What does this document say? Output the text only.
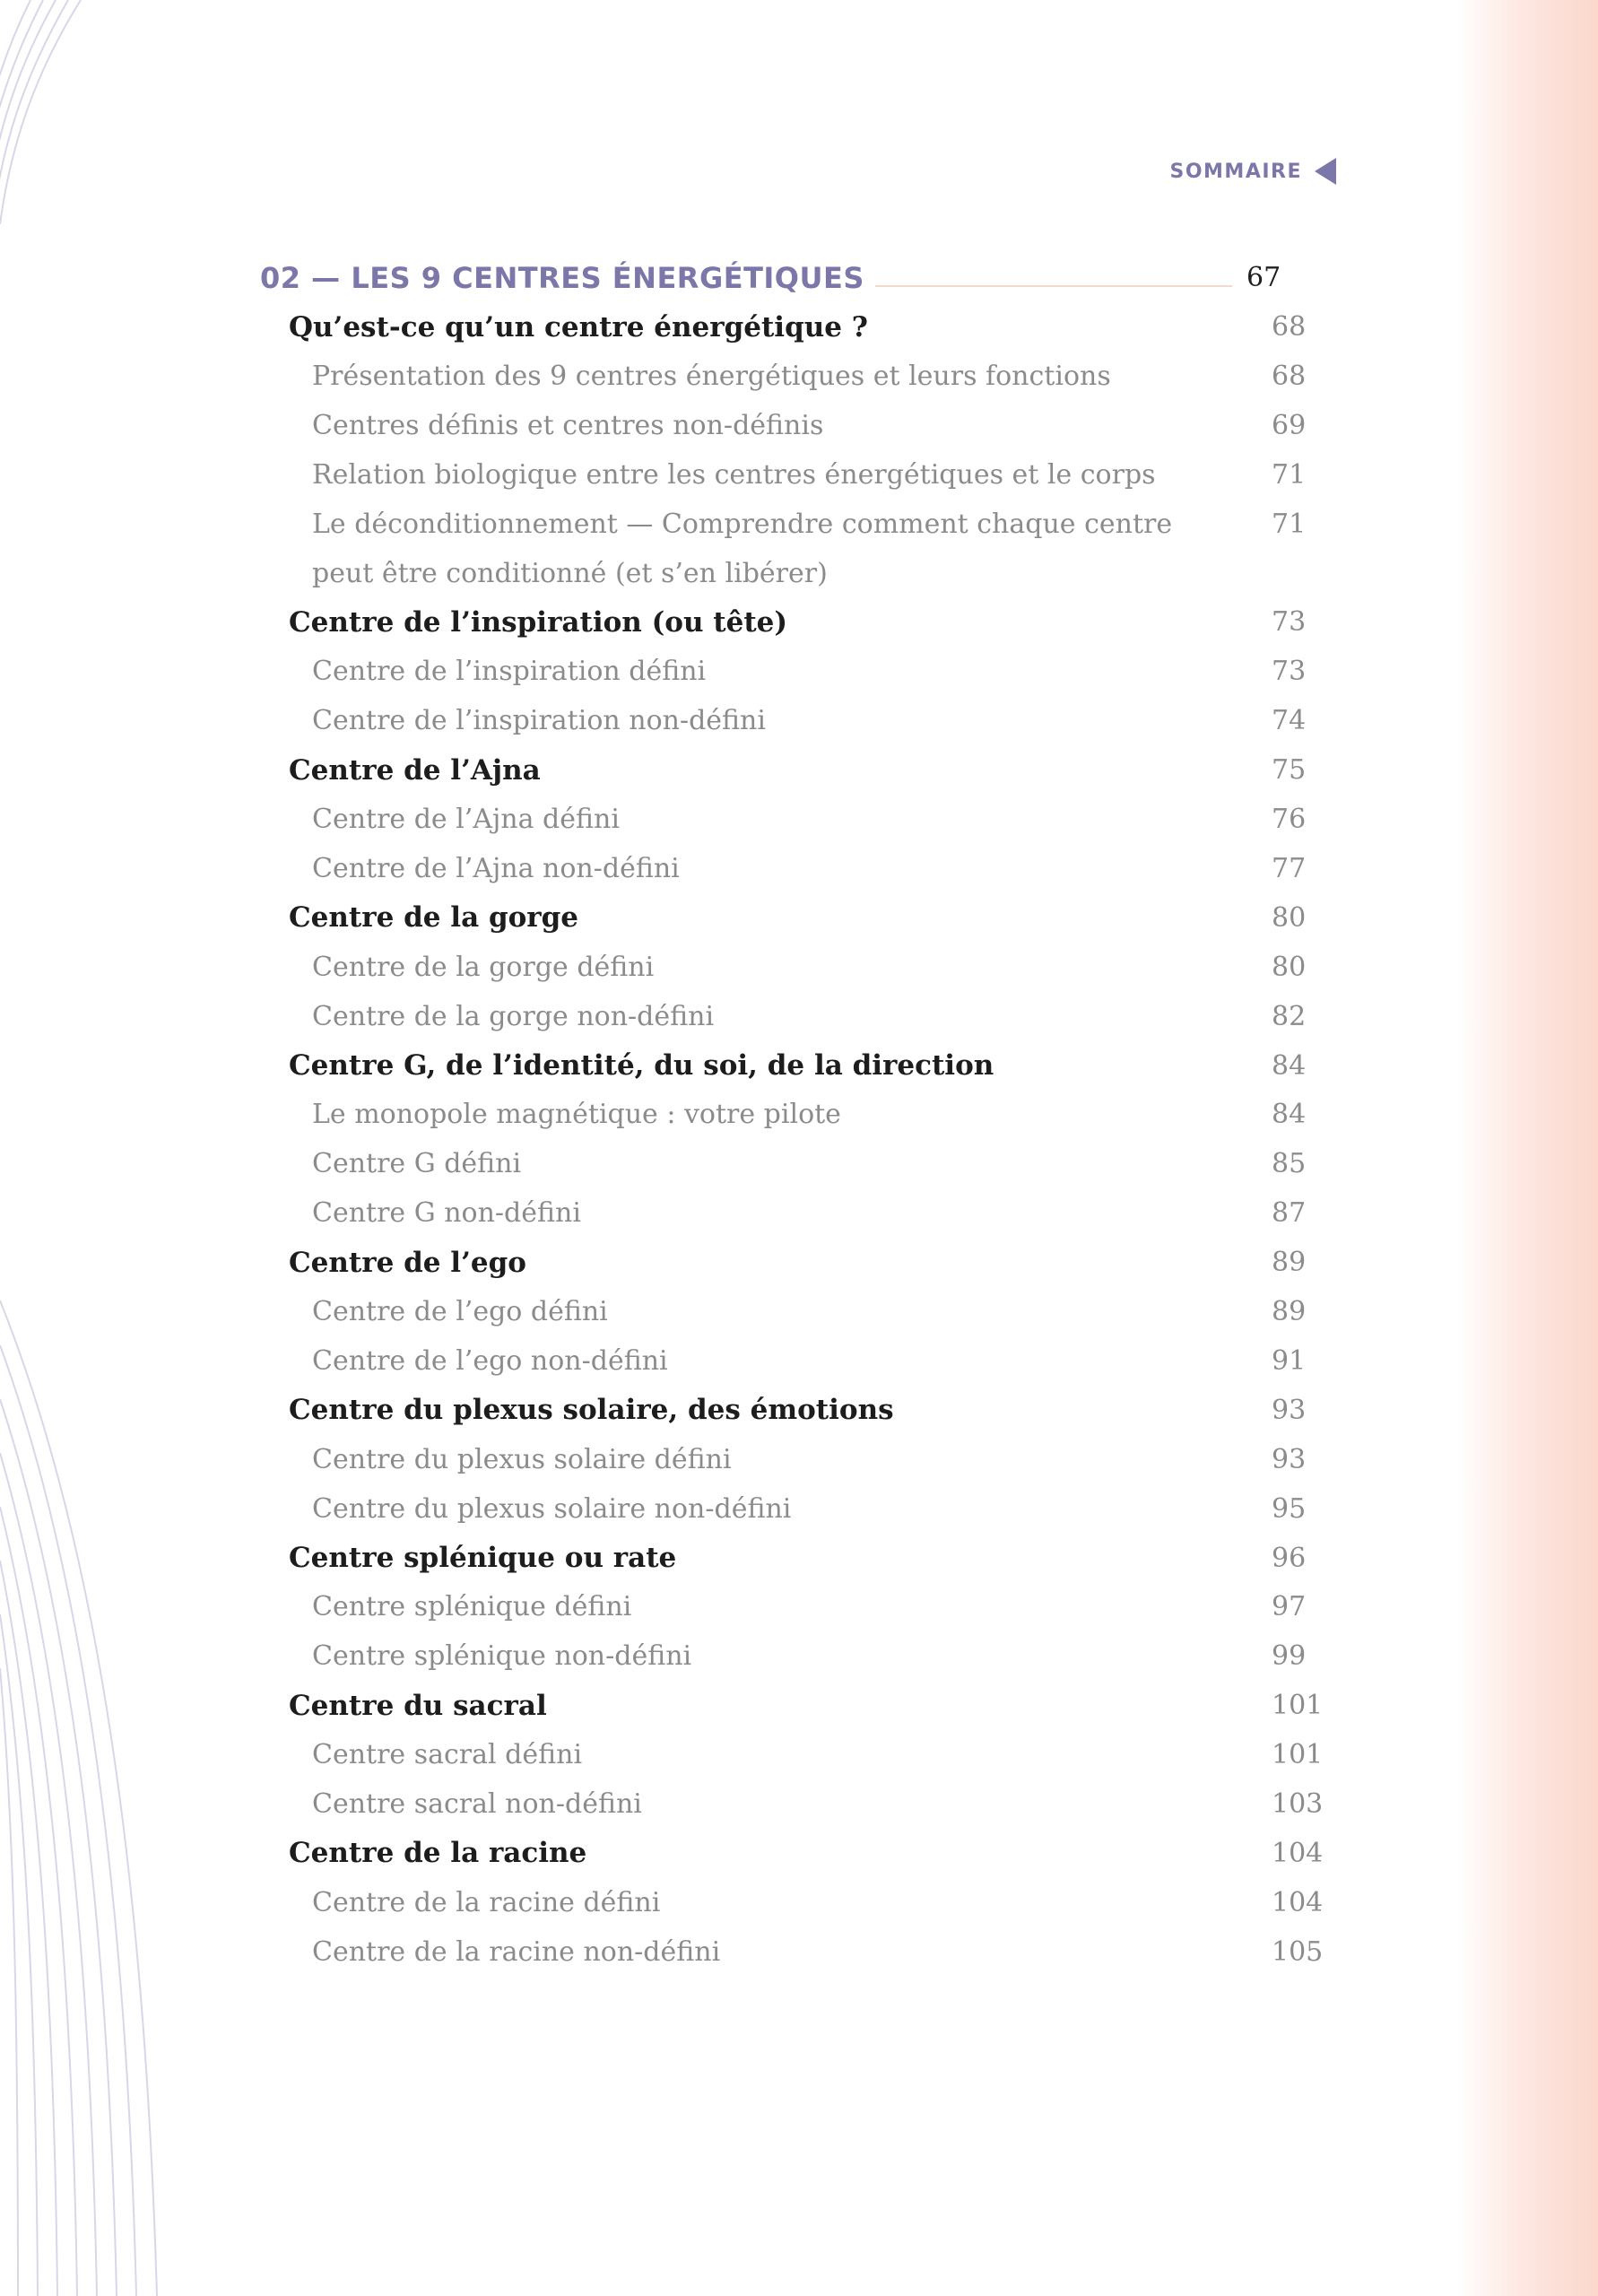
SOMMAIRE
02 — LES 9 CENTRES ÉNERGÉTIQUES	67
Qu’est-ce qu’un centre énergétique ?	68
Présentation des 9 centres énergétiques et leurs fonctions	68
Centres définis et centres non-définis	69
Relation biologique entre les centres énergétiques et le corps	71
Le déconditionnement — Comprendre comment chaque centre	71
peut être conditionné (et s’en libérer)
Centre de l’inspiration (ou tête)	73
Centre de l’inspiration défini	73
Centre de l’inspiration non-défini	74
Centre de l’Ajna	75
Centre de l’Ajna défini	76
Centre de l’Ajna non-défini	77
Centre de la gorge	80
Centre de la gorge défini	80
Centre de la gorge non-défini	82
Centre G, de l’identité, du soi, de la direction	84
Le monopole magnétique : votre pilote	84
Centre G défini	85
Centre G non-défini	87
Centre de l’ego	89
Centre de l’ego défini	89
Centre de l’ego non-défini	91
Centre du plexus solaire, des émotions	93
Centre du plexus solaire défini	93
Centre du plexus solaire non-défini	95
Centre splénique ou rate	96
Centre splénique défini	97
Centre splénique non-défini	99
Centre du sacral	101
Centre sacral défini	101
Centre sacral non-défini	103
Centre de la racine	104
Centre de la racine défini	104
Centre de la racine non-défini	105
